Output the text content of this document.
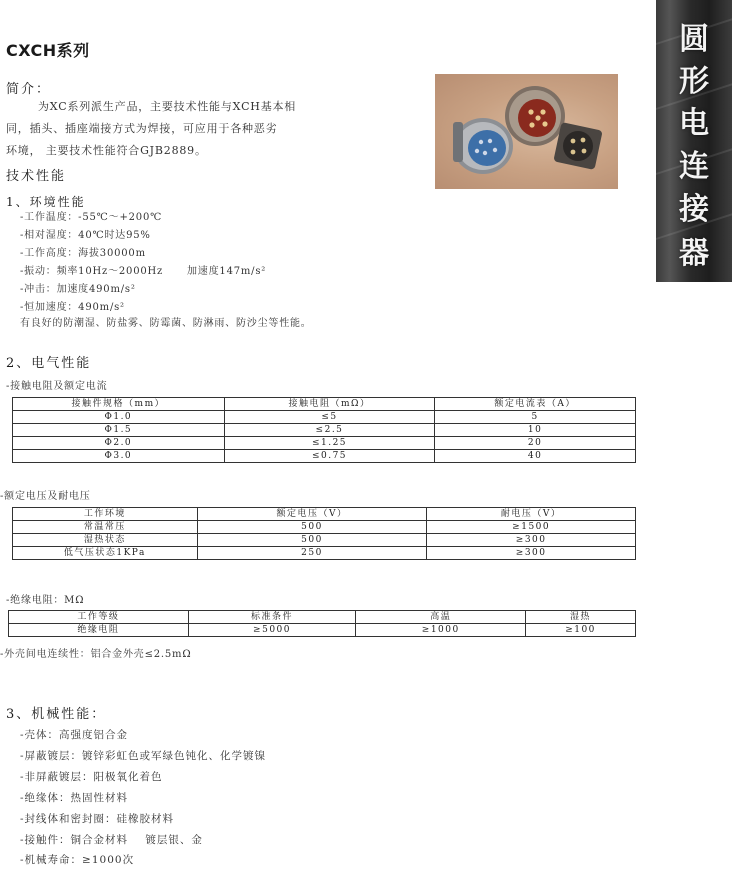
CXCH系列	圆
形
电
连
接
器
简介：
为XC系列派生产品，主要技术性能与XCH基本相
同，插头、插座端接方式为焊接，可应用于各种恶劣
环境， 主要技术性能符合GJB2889。
技术性能
1、环境性能
-工作温度：-55℃～+200℃
-相对湿度：40℃时达95%
-工作高度：海拔30000m
-振动：频率10Hz～2000Hz      加速度147m/s²
-冲击：加速度490m/s²
-恒加速度：490m/s²
有良好的防潮湿、防盐雾、防霉菌、防淋雨、防沙尘等性能。
2、电气性能
-接触电阻及额定电流
接触件规格（mm）	接触电阻（mΩ）	额定电流表（A）
Φ1.0	≤5	5
Φ1.5	≤2.5	10
Φ2.0	≤1.25	20
Φ3.0	≤0.75	40
-额定电压及耐电压
工作环境	额定电压（V）	耐电压（V）
常温常压	500	≥1500
湿热状态	500	≥300
低气压状态1KPa	250	≥300
-绝缘电阻：MΩ
工作等级	标准条件	高温	湿热
绝缘电阻	≥5000	≥1000	≥100
-外壳间电连续性：铝合金外壳≤2.5mΩ
3、机械性能：
-壳体：高强度铝合金
-屏蔽镀层：镀锌彩虹色或军绿色钝化、化学镀镍
-非屏蔽镀层：阳极氧化着色
-绝缘体：热固性材料
-封线体和密封圈：硅橡胶材料
-接触件：铜合金材料    镀层银、金
-机械寿命：≥1000次
